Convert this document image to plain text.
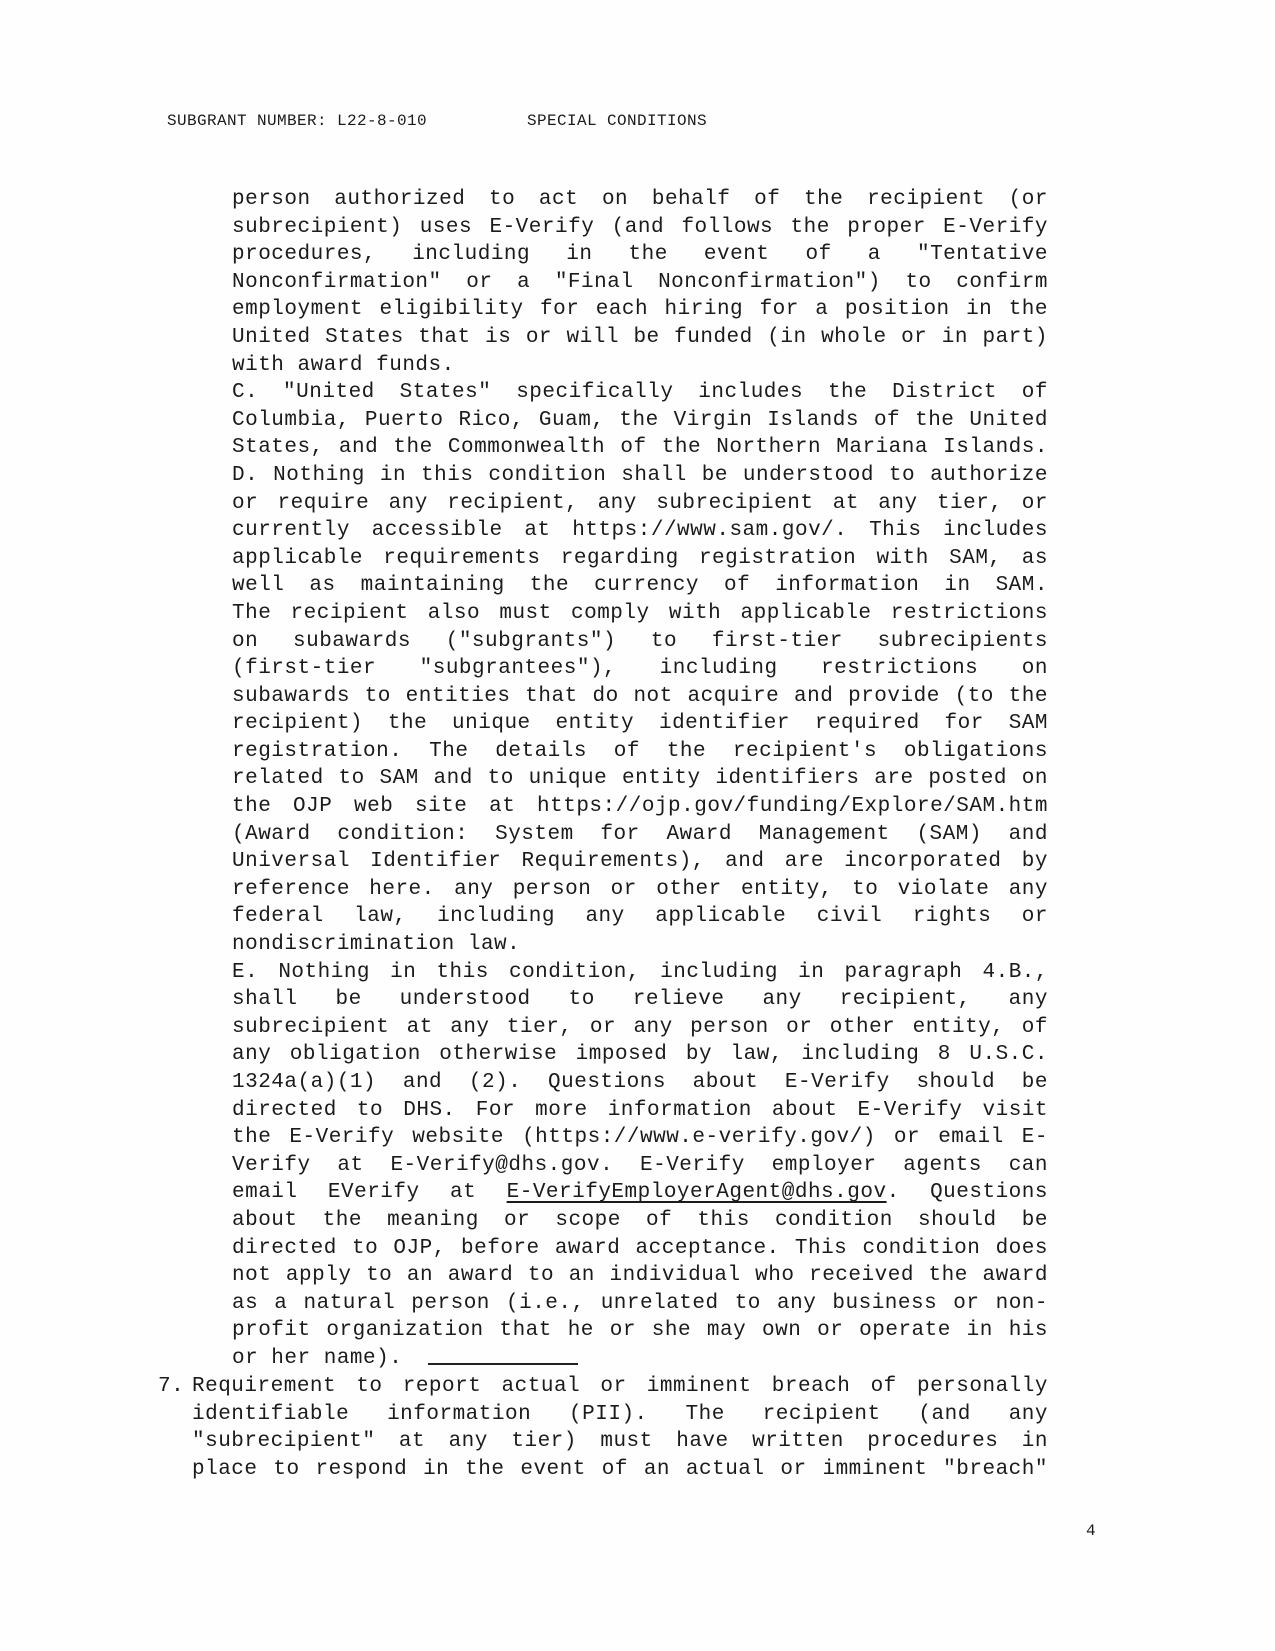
SUBGRANT NUMBER: L22-8-010	SPECIAL CONDITIONS
person authorized to act on behalf of the recipient (or
subrecipient) uses E-Verify (and follows the proper E-Verify
procedures, including in the event of a "Tentative
Nonconfirmation" or a "Final Nonconfirmation") to confirm
employment eligibility for each hiring for a position in the
United States that is or will be funded (in whole or in part)
with award funds.
C. "United States" specifically includes the District of
Columbia, Puerto Rico, Guam, the Virgin Islands of the United
States, and the Commonwealth of the Northern Mariana Islands.
D. Nothing in this condition shall be understood to authorize
or require any recipient, any subrecipient at any tier, or
currently accessible at https://www.sam.gov/. This includes
applicable requirements regarding registration with SAM, as
well as maintaining the currency of information in SAM.
The recipient also must comply with applicable restrictions
on subawards ("subgrants") to first-tier subrecipients
(first-tier "subgrantees"), including restrictions on
subawards to entities that do not acquire and provide (to the
recipient) the unique entity identifier required for SAM
registration. The details of the recipient's obligations
related to SAM and to unique entity identifiers are posted on
the OJP web site at https://ojp.gov/funding/Explore/SAM.htm
(Award condition: System for Award Management (SAM) and
Universal Identifier Requirements), and are incorporated by
reference here. any person or other entity, to violate any
federal law, including any applicable civil rights or
nondiscrimination law.
E. Nothing in this condition, including in paragraph 4.B.,
shall be understood to relieve any recipient, any
subrecipient at any tier, or any person or other entity, of
any obligation otherwise imposed by law, including 8 U.S.C.
1324a(a)(1) and (2). Questions about E-Verify should be
directed to DHS. For more information about E-Verify visit
the E-Verify website (https://www.e-verify.gov/) or email E-
Verify at E-Verify@dhs.gov. E-Verify employer agents can
email EVerify at E-VerifyEmployerAgent@dhs.gov. Questions
about the meaning or scope of this condition should be
directed to OJP, before award acceptance. This condition does
not apply to an award to an individual who received the award
as a natural person (i.e., unrelated to any business or non-
profit organization that he or she may own or operate in his
or her name).
7. Requirement to report actual or imminent breach of personally
identifiable information (PII). The recipient (and any
"subrecipient" at any tier) must have written procedures in
place to respond in the event of an actual or imminent "breach"
4
